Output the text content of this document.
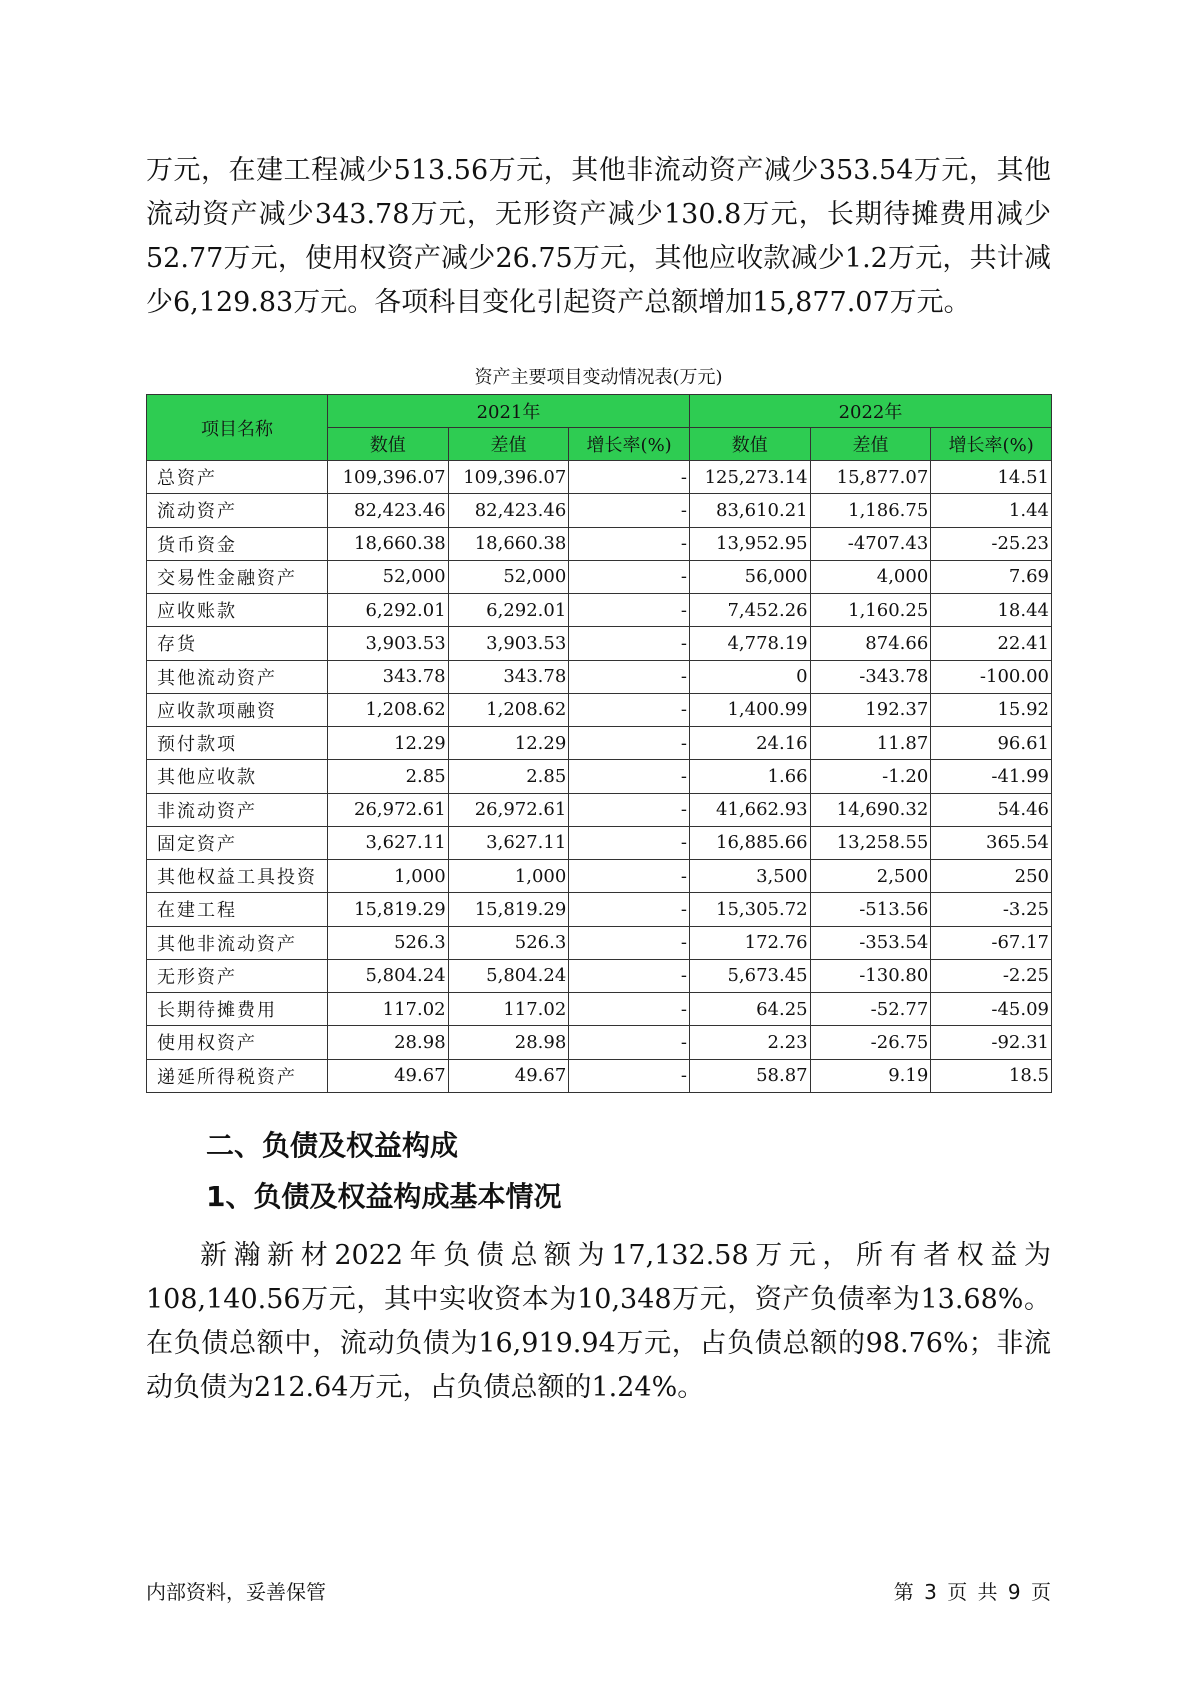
万元，在建工程减少513.56万元，其他非流动资产减少353.54万元，其他流动资产减少343.78万元，无形资产减少130.8万元，长期待摊费用减少52.77万元，使用权资产减少26.75万元，其他应收款减少1.2万元，共计减少6,129.83万元。各项科目变化引起资产总额增加15,877.07万元。

资产主要项目变动情况表(万元)
项目名称	2021年			2022年		
	数值	差值	增长率(%)	数值	差值	增长率(%)
总资产	109,396.07	109,396.07	-	125,273.14	15,877.07	14.51
流动资产	82,423.46	82,423.46	-	83,610.21	1,186.75	1.44
货币资金	18,660.38	18,660.38	-	13,952.95	-4707.43	-25.23
交易性金融资产	52,000	52,000	-	56,000	4,000	7.69
应收账款	6,292.01	6,292.01	-	7,452.26	1,160.25	18.44
存货	3,903.53	3,903.53	-	4,778.19	874.66	22.41
其他流动资产	343.78	343.78	-	0	-343.78	-100.00
应收款项融资	1,208.62	1,208.62	-	1,400.99	192.37	15.92
预付款项	12.29	12.29	-	24.16	11.87	96.61
其他应收款	2.85	2.85	-	1.66	-1.20	-41.99
非流动资产	26,972.61	26,972.61	-	41,662.93	14,690.32	54.46
固定资产	3,627.11	3,627.11	-	16,885.66	13,258.55	365.54
其他权益工具投资	1,000	1,000	-	3,500	2,500	250
在建工程	15,819.29	15,819.29	-	15,305.72	-513.56	-3.25
其他非流动资产	526.3	526.3	-	172.76	-353.54	-67.17
无形资产	5,804.24	5,804.24	-	5,673.45	-130.80	-2.25
长期待摊费用	117.02	117.02	-	64.25	-52.77	-45.09
使用权资产	28.98	28.98	-	2.23	-26.75	-92.31
递延所得税资产	49.67	49.67	-	58.87	9.19	18.5
二、负债及权益构成
1、负债及权益构成基本情况

新瀚新材2022年负债总额为17,132.58万元，所有者权益为108,140.56万元，其中实收资本为10,348万元，资产负债率为13.68%。在负债总额中，流动负债为16,919.94万元，占负债总额的98.76%；非流动负债为212.64万元，占负债总额的1.24%。

内部资料，妥善保管	第 3 页 共 9 页
